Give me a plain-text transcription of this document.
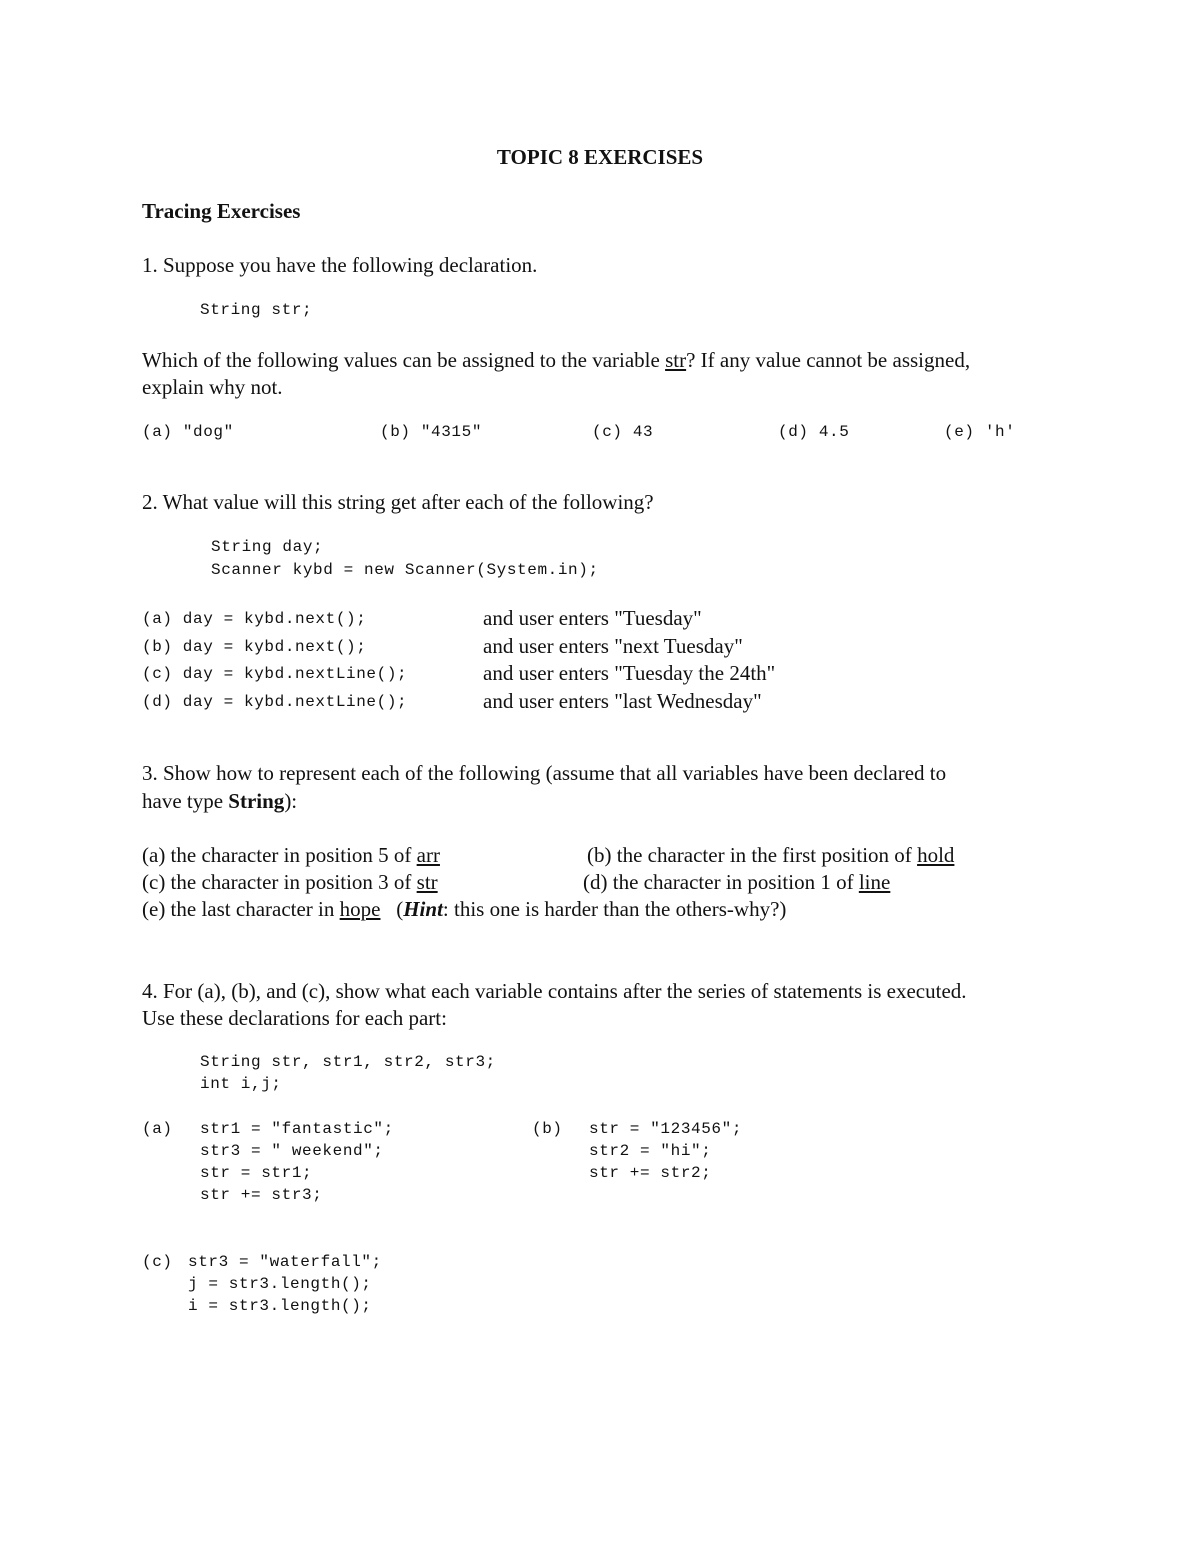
TOPIC 8 EXERCISES
Tracing Exercises
1. Suppose you have the following declaration.
String str;
Which of the following values can be assigned to the variable str? If any value cannot be assigned,
explain why not.
(a) "dog"	(b) "4315"	(c) 43	(d) 4.5	(e) 'h'
2. What value will this string get after each of the following?
String day;
Scanner kybd = new Scanner(System.in);
(a) day = kybd.next();	and user enters "Tuesday"
(b) day = kybd.next();	and user enters "next Tuesday"
(c) day = kybd.nextLine();	and user enters "Tuesday the 24th"
(d) day = kybd.nextLine();	and user enters "last Wednesday"
3. Show how to represent each of the following (assume that all variables have been declared to
have type String):
(a) the character in position 5 of arr	(b) the character in the first position of hold
(c) the character in position 3 of str	(d) the character in position 1 of line
(e) the last character in hope (Hint: this one is harder than the others-why?)
4. For (a), (b), and (c), show what each variable contains after the series of statements is executed.
Use these declarations for each part:
String str, str1, str2, str3;
int i,j;
(a) str1 = "fantastic";
str3 = " weekend";
str = str1;
str += str3;
(b) str = "123456";
str2 = "hi";
str += str2;
(c) str3 = "waterfall";
j = str3.length();
i = str3.length();
